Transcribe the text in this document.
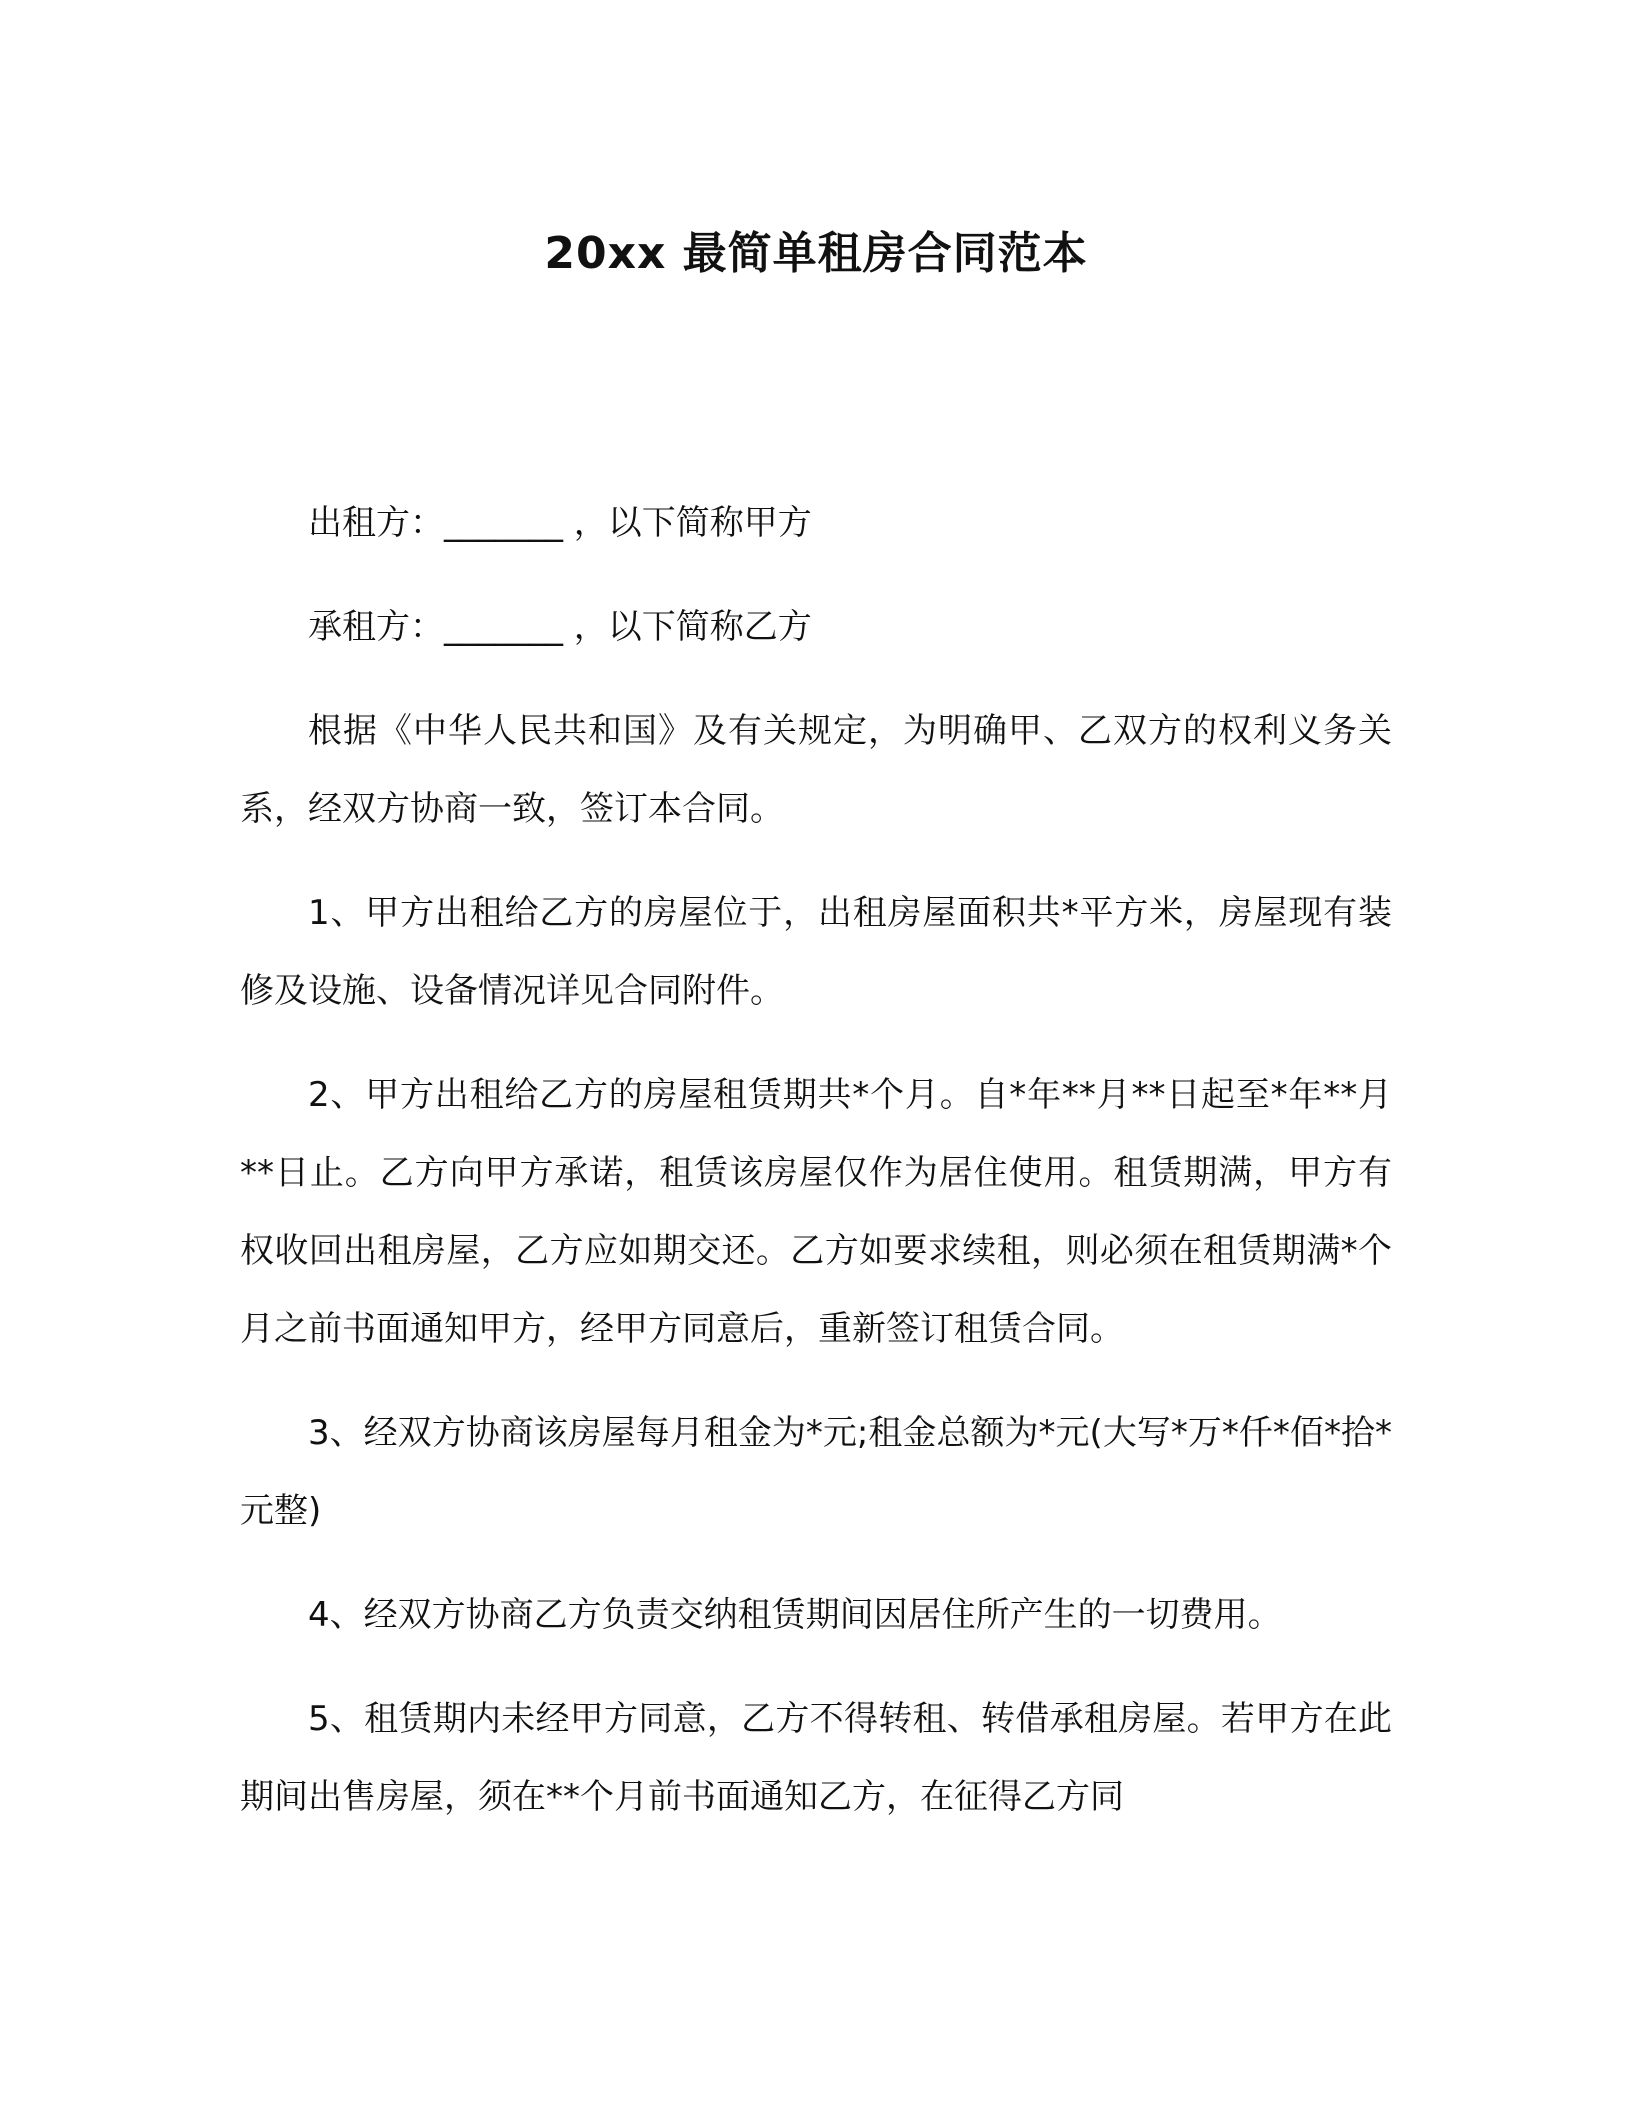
20xx 最简单租房合同范本

出租方：_______ ，以下简称甲方

承租方：_______ ，以下简称乙方

根据《中华人民共和国》及有关规定，为明确甲、乙双方的权利义务关系，经双方协商一致，签订本合同。

1、甲方出租给乙方的房屋位于，出租房屋面积共*平方米，房屋现有装修及设施、设备情况详见合同附件。

2、甲方出租给乙方的房屋租赁期共*个月。自*年**月**日起至*年**月**日止。乙方向甲方承诺，租赁该房屋仅作为居住使用。租赁期满，甲方有权收回出租房屋，乙方应如期交还。乙方如要求续租，则必须在租赁期满*个月之前书面通知甲方，经甲方同意后，重新签订租赁合同。

3、经双方协商该房屋每月租金为*元;租金总额为*元(大写*万*仟*佰*拾*元整)

4、经双方协商乙方负责交纳租赁期间因居住所产生的一切费用。

5、租赁期内未经甲方同意，乙方不得转租、转借承租房屋。若甲方在此期间出售房屋，须在**个月前书面通知乙方，在征得乙方同
